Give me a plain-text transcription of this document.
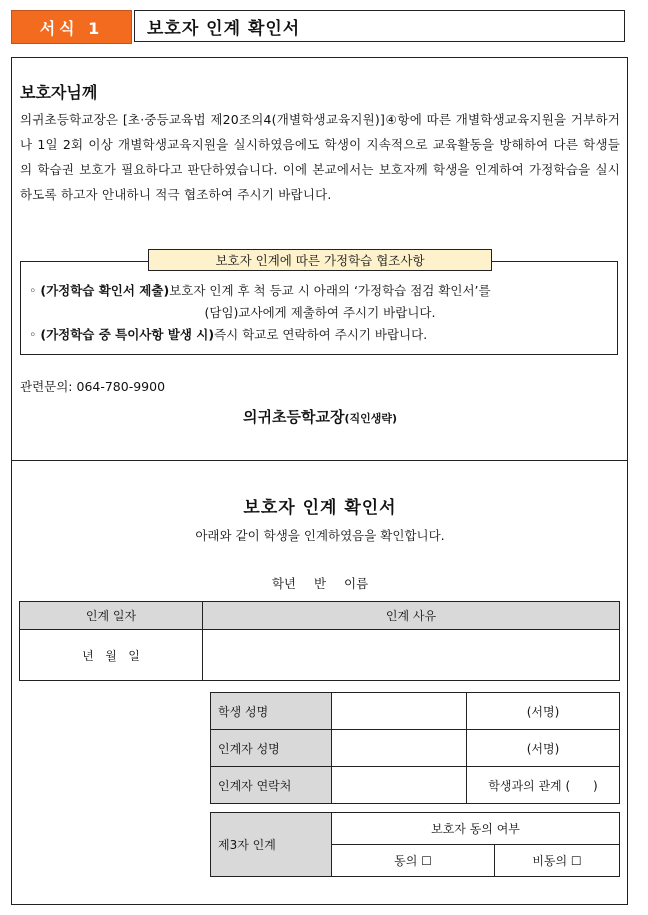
서식 1	보호자 인계 확인서
보호자님께
의귀초등학교장은 [초·중등교육법 제20조의4(개별학생교육지원)]④항에 따른 개별학생교육지원을 거부하거나 1일 2회 이상 개별학생교육지원을 실시하였음에도 학생이 지속적으로 교육활동을 방해하여 다른 학생들의 학습권 보호가 필요하다고 판단하였습니다. 이에 본교에서는 보호자께 학생을 인계하여 가정학습을 실시하도록 하고자 안내하니 적극 협조하여 주시기 바랍니다.
◦ (가정학습 확인서 제출)보호자 인계 후 척 등교 시 아래의 ‘가정학습 점검 확인서’를
(담임)교사에게 제출하여 주시기 바랍니다.
◦ (가정학습 중 특이사항 발생 시)즉시 학교로 연락하여 주시기 바랍니다.
보호자 인계에 따른 가정학습 협조사항
관련문의: 064-780-9900
의귀초등학교장(직인생략)
보호자 인계 확인서
아래와 같이 학생을 인계하였음을 확인합니다.
학년 반 이름
인계 일자	인계 사유
년   월   일	
학생 성명		(서명)
인계자 성명		(서명)
인계자 연락처		학생과의 관계 (      )
제3자 인계	보호자 동의 여부	
	동의 ☐	비동의 ☐
